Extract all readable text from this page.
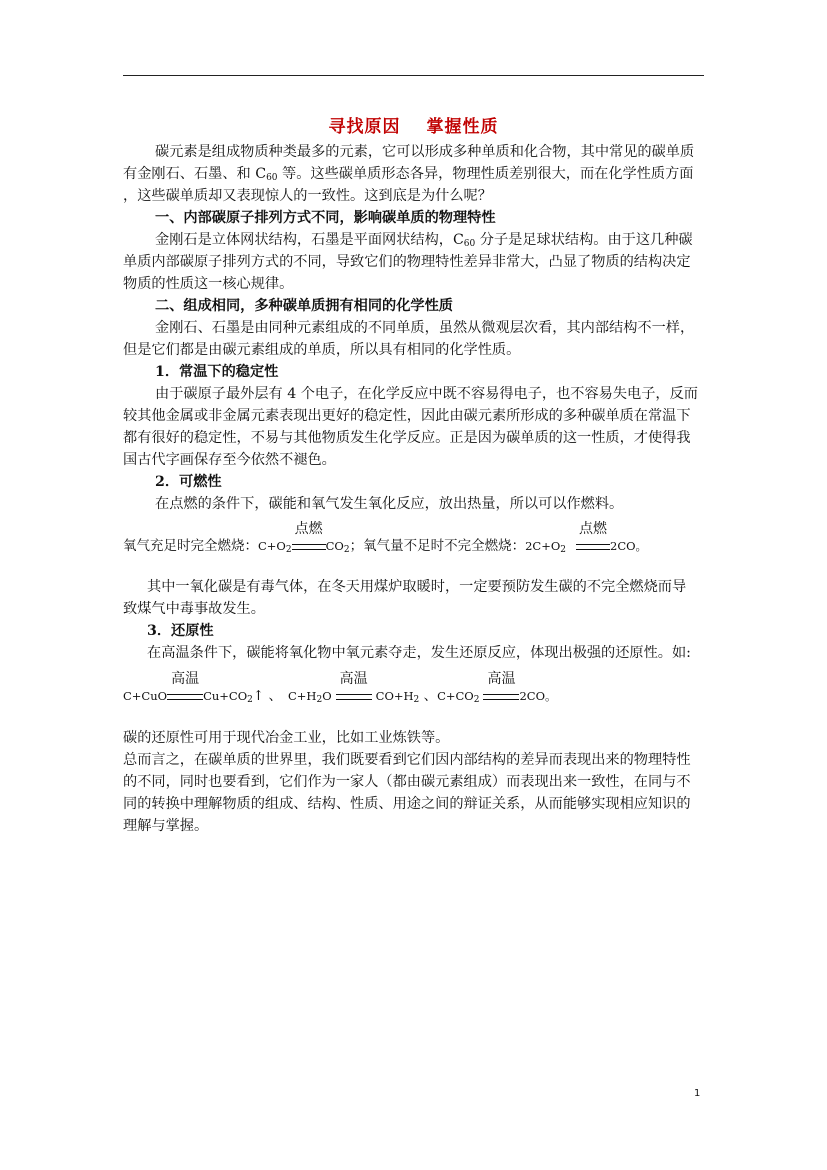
寻找原因 掌握性质
碳元素是组成物质种类最多的元素，它可以形成多种单质和化合物，其中常见的碳单质
有金刚石、石墨、和 $C_{60}$ 等。这些碳单质形态各异，物理性质差别很大，而在化学性质方面
，这些碳单质却又表现惊人的一致性。这到底是为什么呢？
一、内部碳原子排列方式不同，影响碳单质的物理特性
金刚石是立体网状结构，石墨是平面网状结构，$C_{60}$ 分子是足球状结构。由于这几种碳
单质内部碳原子排列方式的不同，导致它们的物理特性差异非常大，凸显了物质的结构决定
物质的性质这一核心规律。
二、组成相同，多种碳单质拥有相同的化学性质
金刚石、石墨是由同种元素组成的不同单质，虽然从微观层次看，其内部结构不一样，
但是它们都是由碳元素组成的单质，所以具有相同的化学性质。
1．常温下的稳定性
由于碳原子最外层有 4 个电子，在化学反应中既不容易得电子，也不容易失电子，反而
较其他金属或非金属元素表现出更好的稳定性，因此由碳元素所形成的多种碳单质在常温下
都有很好的稳定性，不易与其他物质发生化学反应。正是因为碳单质的这一性质，才使得我
国古代字画保存至今依然不褪色。
2．可燃性
在点燃的条件下，碳能和氧气发生氧化反应，放出热量，所以可以作燃料。
氧气充足时完全燃烧：$C+O_2$
点燃
$CO_2$；氧气量不足时不完全燃烧：$2C+O_2$
点燃
2CO。
其中一氧化碳是有毒气体，在冬天用煤炉取暖时，一定要预防发生碳的不完全燃烧而导
致煤气中毒事故发生。
3．还原性
在高温条件下，碳能将氧化物中氧元素夺走，发生还原反应，体现出极强的还原性。如:
C+CuO
高温
$Cu+CO_2↑$ 、 $C+H_2O$
高温
$CO+H_2$ 、$C+CO_2$
高温
2CO。
碳的还原性可用于现代冶金工业，比如工业炼铁等。
总而言之，在碳单质的世界里，我们既要看到它们因内部结构的差异而表现出来的物理特性
的不同，同时也要看到，它们作为一家人（都由碳元素组成）而表现出来一致性，在同与不
同的转换中理解物质的组成、结构、性质、用途之间的辩证关系，从而能够实现相应知识的
理解与掌握。
1
